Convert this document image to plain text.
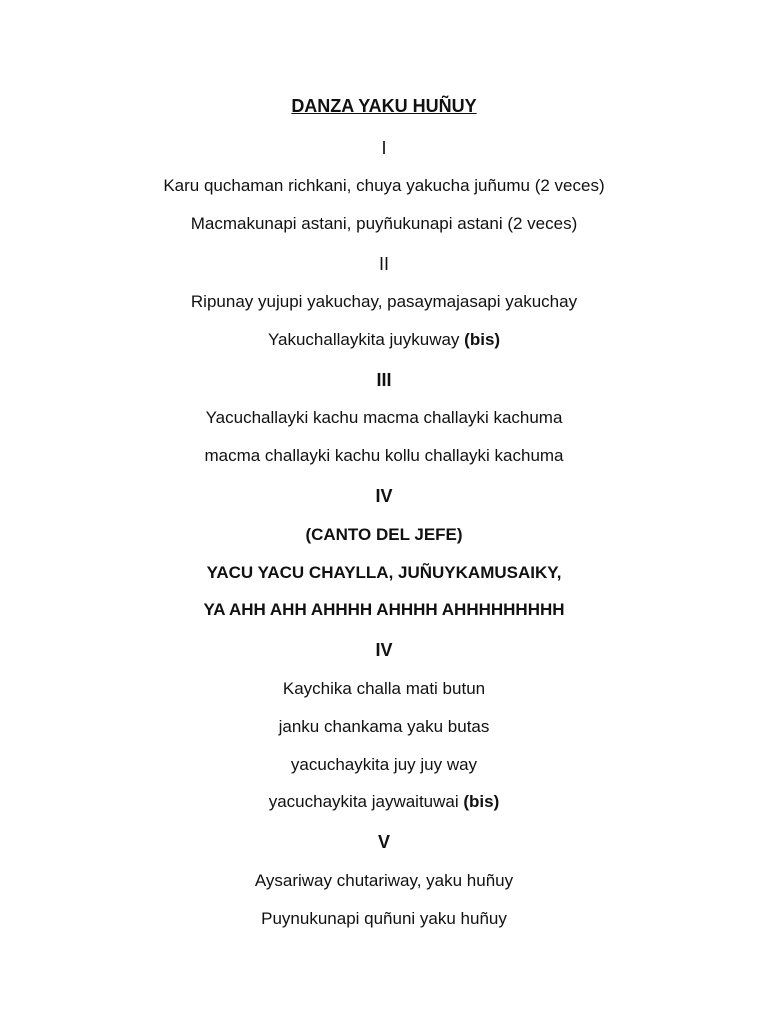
DANZA YAKU HUÑUY
I
Karu quchaman richkani, chuya yakucha juñumu (2 veces)
Macmakunapi astani, puyñukunapi astani (2 veces)
II
Ripunay yujupi yakuchay, pasaymajasapi yakuchay
Yakuchallaykita juykuway (bis)
III
Yacuchallayki kachu macma challayki kachuma
macma challayki kachu kollu challayki kachuma
IV
(CANTO DEL JEFE)
YACU YACU CHAYLLA, JUÑUYKAMUSAIKY,
YA AHH AHH AHHHH AHHHH AHHHHHHHHH
IV
Kaychika challa mati butun
janku chankama yaku butas
yacuchaykita juy juy way
yacuchaykita jaywaituwai (bis)
V
Aysariway chutariway, yaku huñuy
Puynukunapi quñuni yaku huñuy
